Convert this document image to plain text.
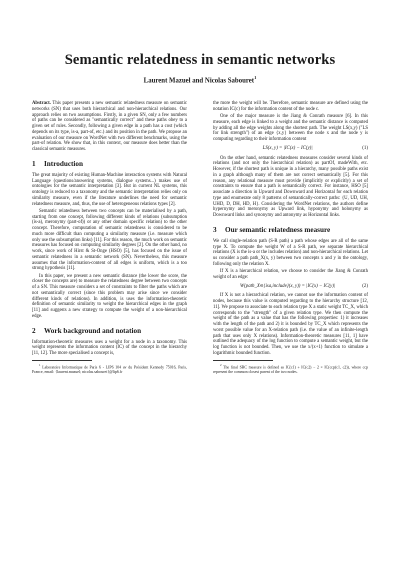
Semantic relatedness in semantic networks
Laurent Mazuel and Nicolas Sabouret$^1$

Abstract. This paper presents a new semantic relatedness measure on semantic networks (SN) that uses both hierarchical and non-hierarchical relations. Our approach relies on two assumptions. Firstly, in a given SN, only a few numbers of paths can be considered as "semantically correct" and these paths obey to a given set of rules. Secondly, following a given edge in a path has a cost (which depends on its type, is-a, part-of, etc.) and its position in the path. We propose an evaluation of our measure on WordNet with two different benchmarks, using the part-of relation. We show that, in this context, our measure does better than the classical semantic measures.

1 Introduction

The great majority of existing Human-Machine interaction systems with Natural Language (questions/answering systems, dialogue systems...) makes use of ontologies for the semantic interpretation [3]. But in current NL systems, this ontology is reduced to a taxonomy and the semantic interpretation relies only on similarity measure, even if the literature underlines the need for semantic relatedness measure, and, thus, the use of heterogeneous relations types [2].

Semantic relatedness between two concepts can be materialised by a path, starting from one concept, following different kinds of relations (subsumption (is-a), meronymy (part-of)) or any other domain specific relation) to the other concept. Therefore, computation of semantic relatedness is considered to be much more difficult than computing a similarity measure (i.e. measure which only use the subsumption links) [11]. For this reason, the much work on semantic measures has focused on computing similarity degrees [2]. On the other hand, no work, since work of Hirst & St-Onge (HSO) [5], has focused on the issue of semantic relatedness in a semantic network (SN). Nevertheless, this measure assumes that the information-content of all edges is uniform, which is a too strong hypothesis [11].

In this paper, we present a new semantic distance (the lower the score, the closer the concepts are) to measure the relatedness degree between two concepts of a SN. This measure considers a set of constraints to filter the paths which are not semantically correct (since this problem may arise since we consider different kinds of relations). In addition, is uses the information-theoretic definition of semantic similarity to weight the hierarchical edges in the graph [11] and suggests a new strategy to compute the weight of a non-hierarchical edge.

2 Work background and notation

Information-theoretic measures uses a weight for a node in a taxonomy. This weight represents the information content (IC) of the concept in the hierarchy [11, 12]. The more specialised a concept is,

$^1$ Laboratoire Informatique de Paris 6 - LIP6 104 av du Président Kennedy 75016, Paris, France, email: {laurent.mazuel; nicolas.sabouret}@lip6.fr

the more the weight will be. Therefore, semantic measure are defined using the notation IC(c) for the information content of the node c.

One of the major measure is the Jiang & Conrath measure [6]. In this measure, each edge is linked to a weight and the semantic distance is computed by adding all the edge weights along the shortest path. The weight LS(x,y) ("LS for link strength") of an edge {x,y} between the node x and the node y is computing regarding to their information content

LS(x, y) = |IC(x) − IC(y)|	(1)

On the other hand, semantic relatedness measures consider several kinds of relations (and not only the hierarchical relation) as partOf, madeWith, etc. However, if the shortest path is unique in a hierarchy, many possible paths exist in a graph although many of them are not correct semantically [5]. For this reason, any relational measure must provide (implicitly or explicitly) a set of constraints to ensure that a path is semantically correct. For instance, HSO [5] associate a direction in Upward and Downward and Horizontal for each relation type and enumerate only 8 patterns of semantically-correct paths: {U, UD, UH, UHD, D, DH, HD, H}. Considering the WordNet relations, the authors define hypernymy and meronymy as Upward link, hyponymy and holonymy as Downward links and synonymy and antonymy as Horizontal links.

3 Our semantic relatedness measure

We call single-relation path (S-R path) a path whose edges are all of the same type X. To compute the weight W of a S-R path, we separate hierarchical relations (X is the is-a or the includes relation) and non-hierarchical relations. Let us consider a path path_X(x, y) between two concepts x and y in the ontology, following only the relation X.

If X is a hierarchical relation, we choose to consider the Jiang & Conrath weight of an edge:

W(path_X∈{isa,include}(x, y)) = |IC(x) − IC(y)|	(2)

If X is not a hierarchical relation, we cannot use the information content of nodes, because this value is computed regarding to the hierarchy structure [12, 11]. We propose to associate to each relation type X a static weight TC_X, which corresponds to the "strength" of a given relation type. We then compute the weight of the path as a value that has the following properties: 1) it increases with the length of the path and 2) it is bounded by TC_X which represents the worst possible value for an X-relation path (i.e. the value of an infinite-length path that uses only X relations). Information-theoretic measures [11, 1] have outlined the adequacy of the log function to compute a semantic weight, but the log function is not bounded. Then, we use the x/(x+1) function to simulate a logarithmic bounded function.

$^2$ The final SRC measure is defined as IC(c1) + IC(c2) − 2 × IC(ccp(c1, c2)), where ccp represent the common closest parent of the two nodes.
